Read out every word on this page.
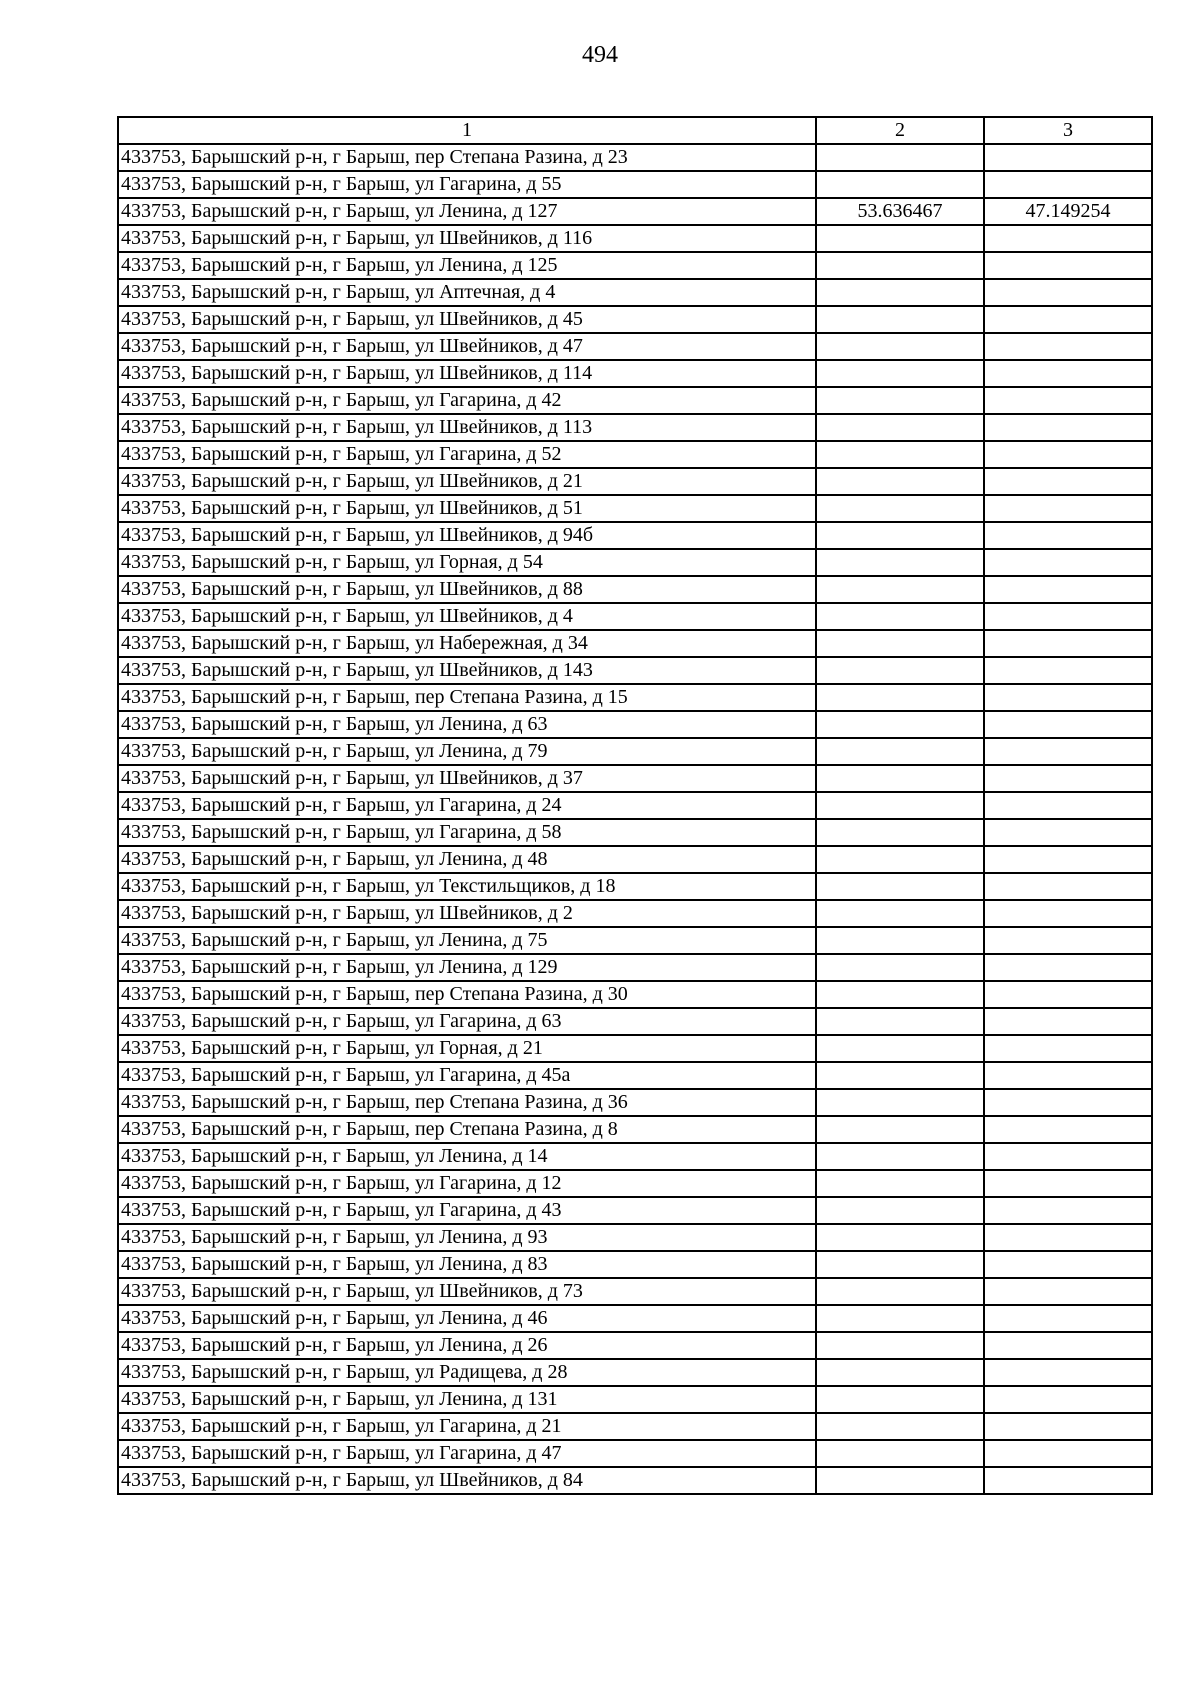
494
1	2	3
433753, Барышский р-н, г Барыш, пер Степана Разина, д 23		
433753, Барышский р-н, г Барыш, ул Гагарина, д 55		
433753, Барышский р-н, г Барыш, ул Ленина, д 127	53.636467	47.149254
433753, Барышский р-н, г Барыш, ул Швейников, д 116		
433753, Барышский р-н, г Барыш, ул Ленина, д 125		
433753, Барышский р-н, г Барыш, ул Аптечная, д 4		
433753, Барышский р-н, г Барыш, ул Швейников, д 45		
433753, Барышский р-н, г Барыш, ул Швейников, д 47		
433753, Барышский р-н, г Барыш, ул Швейников, д 114		
433753, Барышский р-н, г Барыш, ул Гагарина, д 42		
433753, Барышский р-н, г Барыш, ул Швейников, д 113		
433753, Барышский р-н, г Барыш, ул Гагарина, д 52		
433753, Барышский р-н, г Барыш, ул Швейников, д 21		
433753, Барышский р-н, г Барыш, ул Швейников, д 51		
433753, Барышский р-н, г Барыш, ул Швейников, д 94б		
433753, Барышский р-н, г Барыш, ул Горная, д 54		
433753, Барышский р-н, г Барыш, ул Швейников, д 88		
433753, Барышский р-н, г Барыш, ул Швейников, д 4		
433753, Барышский р-н, г Барыш, ул Набережная, д 34		
433753, Барышский р-н, г Барыш, ул Швейников, д 143		
433753, Барышский р-н, г Барыш, пер Степана Разина, д 15		
433753, Барышский р-н, г Барыш, ул Ленина, д 63		
433753, Барышский р-н, г Барыш, ул Ленина, д 79		
433753, Барышский р-н, г Барыш, ул Швейников, д 37		
433753, Барышский р-н, г Барыш, ул Гагарина, д 24		
433753, Барышский р-н, г Барыш, ул Гагарина, д 58		
433753, Барышский р-н, г Барыш, ул Ленина, д 48		
433753, Барышский р-н, г Барыш, ул Текстильщиков, д 18		
433753, Барышский р-н, г Барыш, ул Швейников, д 2		
433753, Барышский р-н, г Барыш, ул Ленина, д 75		
433753, Барышский р-н, г Барыш, ул Ленина, д 129		
433753, Барышский р-н, г Барыш, пер Степана Разина, д 30		
433753, Барышский р-н, г Барыш, ул Гагарина, д 63		
433753, Барышский р-н, г Барыш, ул Горная, д 21		
433753, Барышский р-н, г Барыш, ул Гагарина, д 45а		
433753, Барышский р-н, г Барыш, пер Степана Разина, д 36		
433753, Барышский р-н, г Барыш, пер Степана Разина, д 8		
433753, Барышский р-н, г Барыш, ул Ленина, д 14		
433753, Барышский р-н, г Барыш, ул Гагарина, д 12		
433753, Барышский р-н, г Барыш, ул Гагарина, д 43		
433753, Барышский р-н, г Барыш, ул Ленина, д 93		
433753, Барышский р-н, г Барыш, ул Ленина, д 83		
433753, Барышский р-н, г Барыш, ул Швейников, д 73		
433753, Барышский р-н, г Барыш, ул Ленина, д 46		
433753, Барышский р-н, г Барыш, ул Ленина, д 26		
433753, Барышский р-н, г Барыш, ул Радищева, д 28		
433753, Барышский р-н, г Барыш, ул Ленина, д 131		
433753, Барышский р-н, г Барыш, ул Гагарина, д 21		
433753, Барышский р-н, г Барыш, ул Гагарина, д 47		
433753, Барышский р-н, г Барыш, ул Швейников, д 84		
